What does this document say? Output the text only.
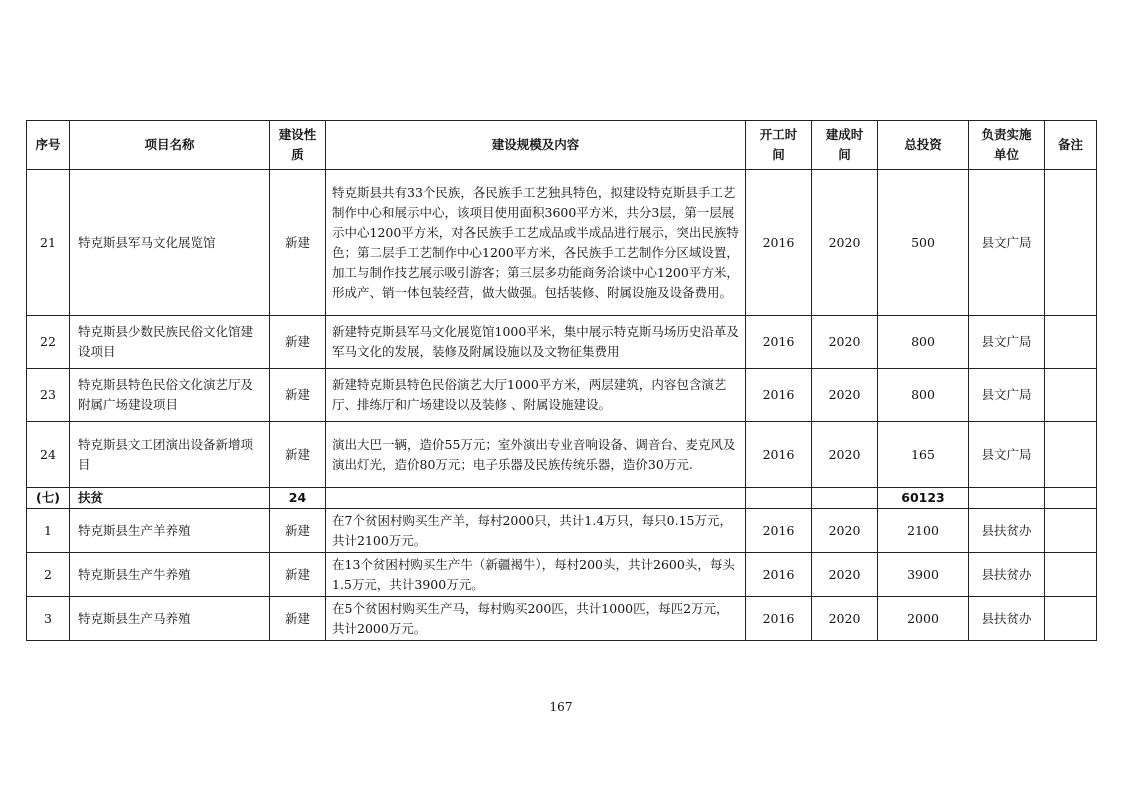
序号	项目名称	建设性质	建设规模及内容	开工时间	建成时间	总投资	负责实施单位	备注
21	特克斯县军马文化展览馆	新建	特克斯县共有33个民族，各民族手工艺独具特色，拟建设特克斯县手工艺制作中心和展示中心，该项目使用面积3600平方米，共分3层，第一层展示中心1200平方米，对各民族手工艺成品或半成品进行展示，突出民族特色；第二层手工艺制作中心1200平方米，各民族手工艺制作分区域设置，加工与制作技艺展示吸引游客；第三层多功能商务洽谈中心1200平方米，形成产、销一体包装经营，做大做强。包括装修、附属设施及设备费用。	2016	2020	500	县文广局	
22	特克斯县少数民族民俗文化馆建设项目	新建	新建特克斯县军马文化展览馆1000平米，集中展示特克斯马场历史沿革及军马文化的发展，装修及附属设施以及文物征集费用	2016	2020	800	县文广局	
23	特克斯县特色民俗文化演艺厅及附属广场建设项目	新建	新建特克斯县特色民俗演艺大厅1000平方米，两层建筑，内容包含演艺厅、排练厅和广场建设以及装修 、附属设施建设。	2016	2020	800	县文广局	
24	特克斯县文工团演出设备新增项目	新建	演出大巴一辆，造价55万元；室外演出专业音响设备、调音台、麦克风及演出灯光，造价80万元；电子乐器及民族传统乐器，造价30万元.	2016	2020	165	县文广局	
(七)	扶贫	24				60123		
1	特克斯县生产羊养殖	新建	在7个贫困村购买生产羊，每村2000只，共计1.4万只，每只0.15万元，共计2100万元。	2016	2020	2100	县扶贫办	
2	特克斯县生产牛养殖	新建	在13个贫困村购买生产牛（新疆褐牛），每村200头，共计2600头，每头1.5万元，共计3900万元。	2016	2020	3900	县扶贫办	
3	特克斯县生产马养殖	新建	在5个贫困村购买生产马，每村购买200匹，共计1000匹，每匹2万元，共计2000万元。	2016	2020	2000	县扶贫办	
167
